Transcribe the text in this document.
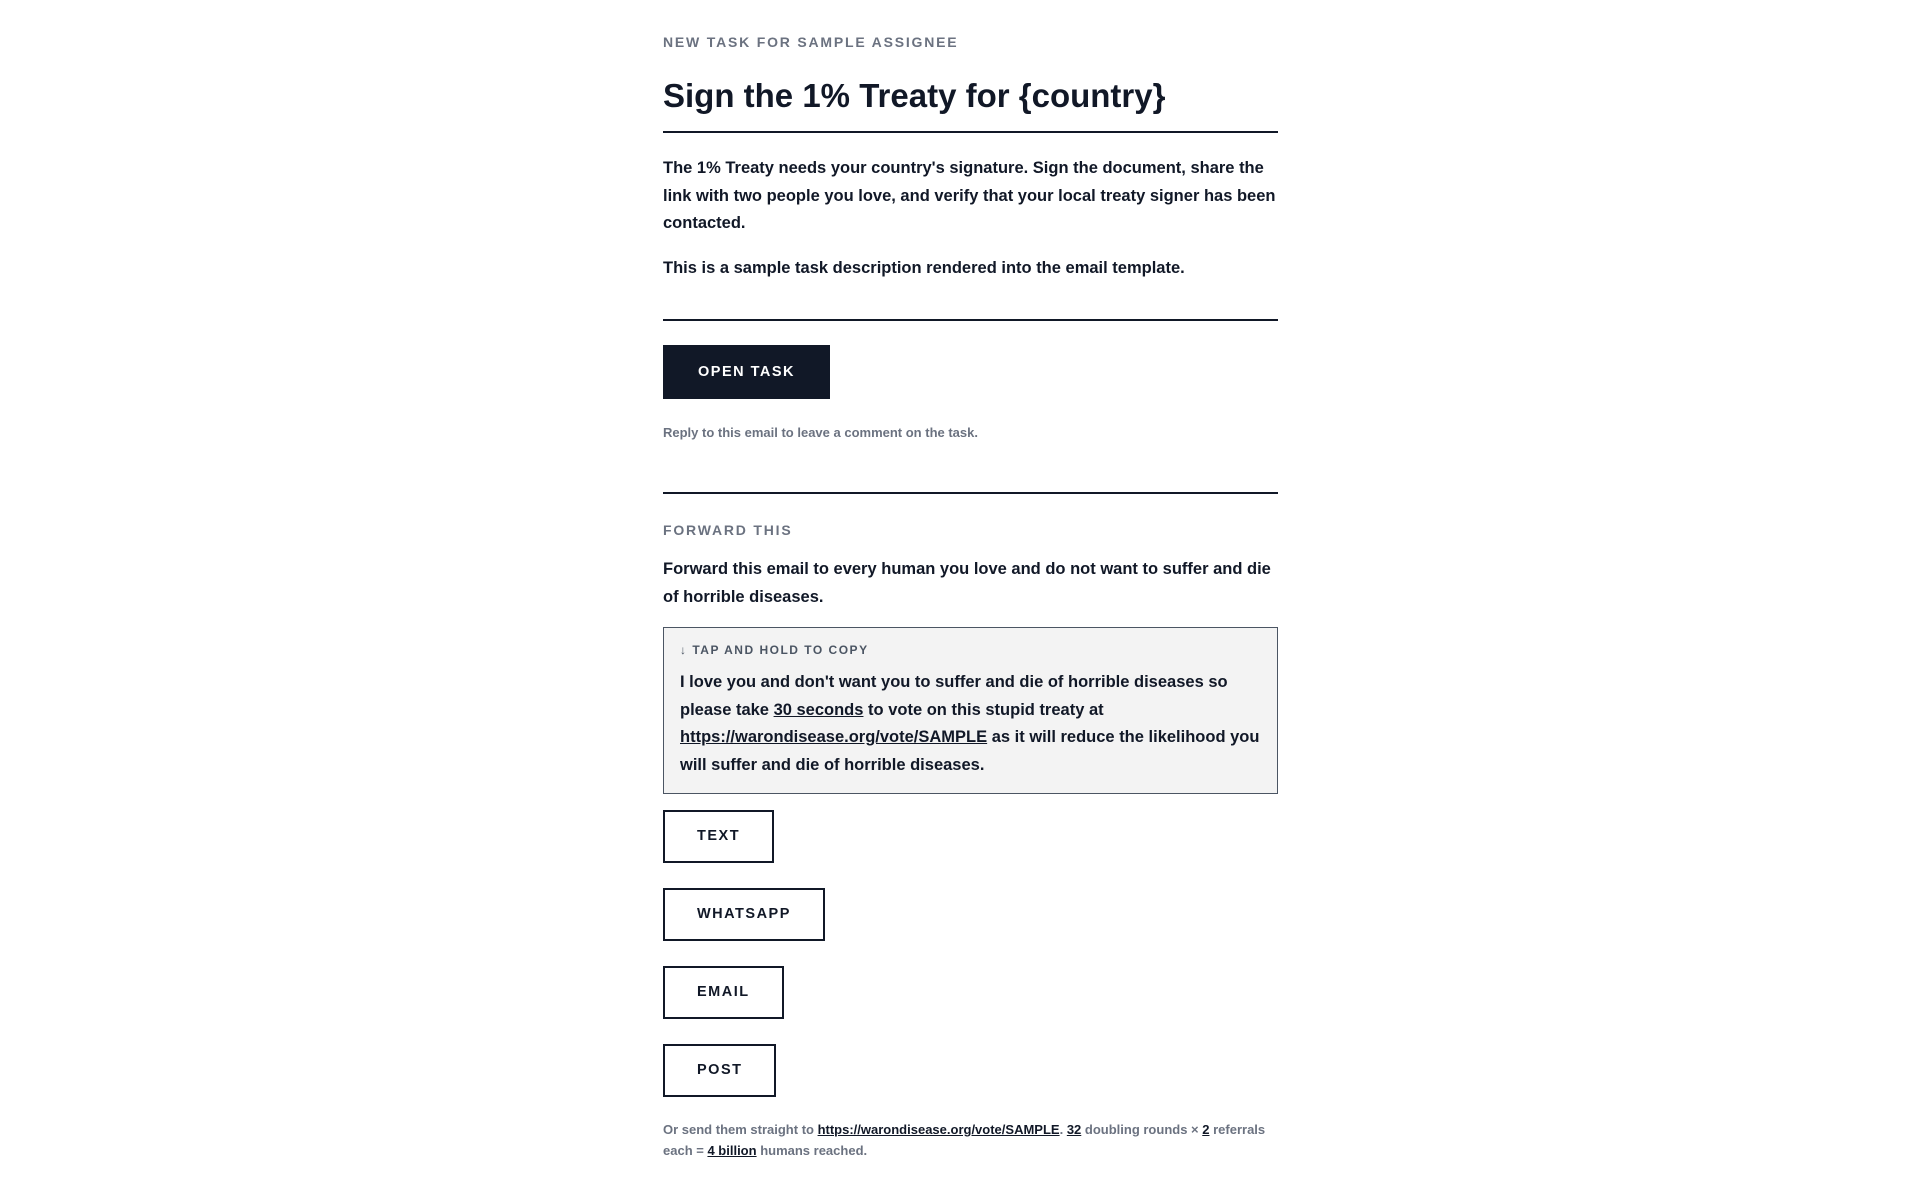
NEW TASK FOR SAMPLE ASSIGNEE
Sign the 1% Treaty for {country}

The 1% Treaty needs your country's signature. Sign the document, share the link with two people you love, and verify that your local treaty signer has been contacted.

This is a sample task description rendered into the email template.

OPEN TASK
Reply to this email to leave a comment on the task.
FORWARD THIS

Forward this email to every human you love and do not want to suffer and die of horrible diseases.

↓ TAP AND HOLD TO COPY
I love you and don't want you to suffer and die of horrible diseases so please take 30 seconds to vote on this stupid treaty at https://warondisease.org/vote/SAMPLE as it will reduce the likelihood you will suffer and die of horrible diseases.
TEXT
WHATSAPP
EMAIL
POST
Or send them straight to https://warondisease.org/vote/SAMPLE. 32 doubling rounds × 2 referrals each = 4 billion humans reached.
